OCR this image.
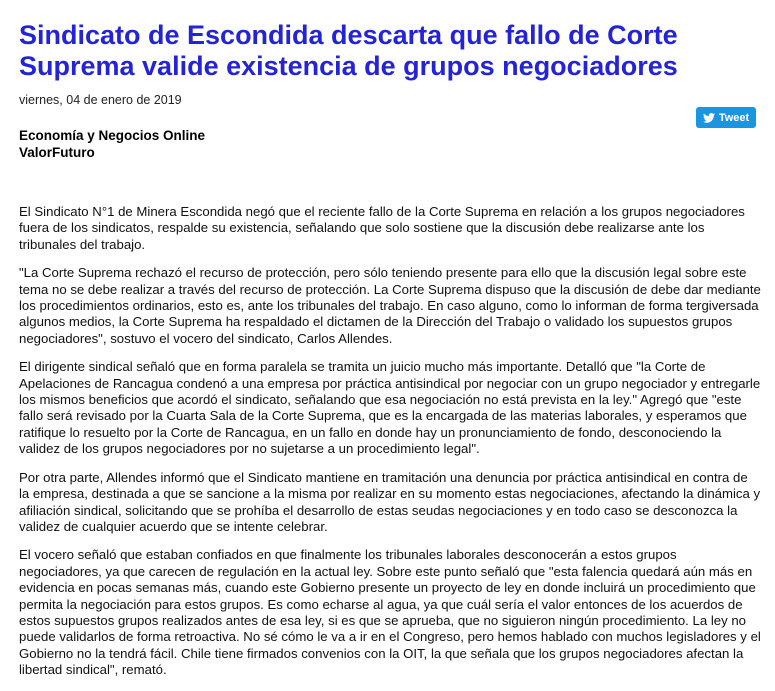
Sindicato de Escondida descarta que fallo de Corte Suprema valide existencia de grupos negociadores
viernes, 04 de enero de 2019
Tweet
Economía y Negocios Online
ValorFuturo

El Sindicato N°1 de Minera Escondida negó que el reciente fallo de la Corte Suprema en relación a los grupos negociadores fuera de los sindicatos, respalde su existencia, señalando que solo sostiene que la discusión debe realizarse ante los tribunales del trabajo.

"La Corte Suprema rechazó el recurso de protección, pero sólo teniendo presente para ello que la discusión legal sobre este tema no se debe realizar a través del recurso de protección. La Corte Suprema dispuso que la discusión de debe dar mediante los procedimientos ordinarios, esto es, ante los tribunales del trabajo. En caso alguno, como lo informan de forma tergiversada algunos medios, la Corte Suprema ha respaldado el dictamen de la Dirección del Trabajo o validado los supuestos grupos negociadores", sostuvo el vocero del sindicato, Carlos Allendes.

El dirigente sindical señaló que en forma paralela se tramita un juicio mucho más importante. Detalló que "la Corte de Apelaciones de Rancagua condenó a una empresa por práctica antisindical por negociar con un grupo negociador y entregarle los mismos beneficios que acordó el sindicato, señalando que esa negociación no está prevista en la ley." Agregó que "este fallo será revisado por la Cuarta Sala de la Corte Suprema, que es la encargada de las materias laborales, y esperamos que ratifique lo resuelto por la Corte de Rancagua, en un fallo en donde hay un pronunciamiento de fondo, desconociendo la validez de los grupos negociadores por no sujetarse a un procedimiento legal".

Por otra parte, Allendes informó que el Sindicato mantiene en tramitación una denuncia por práctica antisindical en contra de la empresa, destinada a que se sancione a la misma por realizar en su momento estas negociaciones, afectando la dinámica y afiliación sindical, solicitando que se prohíba el desarrollo de estas seudas negociaciones y en todo caso se desconozca la validez de cualquier acuerdo que se intente celebrar.

El vocero señaló que estaban confiados en que finalmente los tribunales laborales desconocerán a estos grupos negociadores, ya que carecen de regulación en la actual ley. Sobre este punto señaló que "esta falencia quedará aún más en evidencia en pocas semanas más, cuando este Gobierno presente un proyecto de ley en donde incluirá un procedimiento que permita la negociación para estos grupos. Es como echarse al agua, ya que cuál sería el valor entonces de los acuerdos de estos supuestos grupos realizados antes de esa ley, si es que se aprueba, que no siguieron ningún procedimiento. La ley no puede validarlos de forma retroactiva. No sé cómo le va a ir en el Congreso, pero hemos hablado con muchos legisladores y el Gobierno no la tendrá fácil. Chile tiene firmados convenios con la OIT, la que señala que los grupos negociadores afectan la libertad sindical", remató.
